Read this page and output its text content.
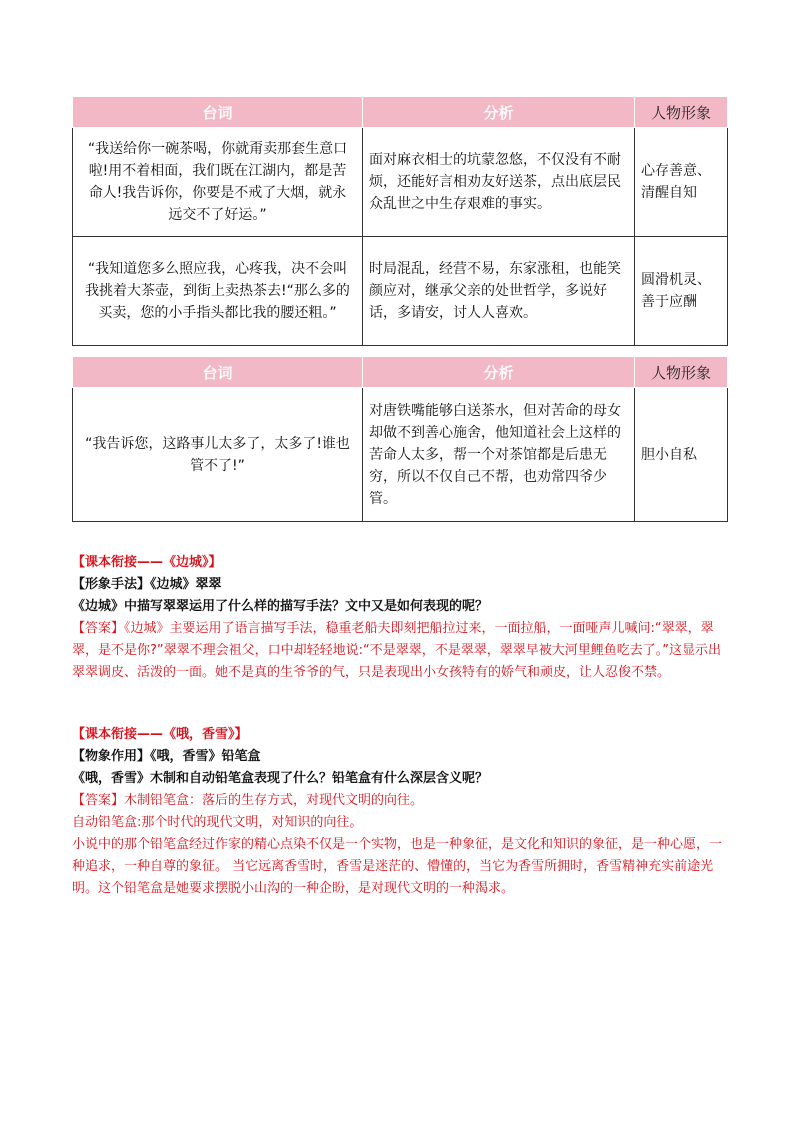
台词	分析	人物形象
“我送给你一碗茶喝，你就甭卖那套生意口啦!用不着相面，我们既在江湖内，都是苦命人!我告诉你，你要是不戒了大烟，就永远交不了好运。”	面对麻衣相士的坑蒙忽悠，不仅没有不耐烦，还能好言相劝友好送茶，点出底层民众乱世之中生存艰难的事实。	心存善意、清醒自知
“我知道您多么照应我，心疼我，决不会叫我挑着大茶壶，到街上卖热茶去!“那么多的买卖，您的小手指头都比我的腰还粗。”	时局混乱，经营不易，东家涨租，也能笑颜应对，继承父亲的处世哲学，多说好话，多请安，讨人人喜欢。	圆滑机灵、善于应酬
台词	分析	人物形象
“我告诉您，这路事儿太多了，太多了!谁也管不了!”	对唐铁嘴能够白送茶水，但对苦命的母女却做不到善心施舍，他知道社会上这样的苦命人太多，帮一个对茶馆都是后患无穷，所以不仅自己不帮，也劝常四爷少管。	胆小自私
【课本衔接——《边城》】
【形象手法】《边城》翠翠
《边城》中描写翠翠运用了什么样的描写手法？文中又是如何表现的呢？
【答案】《边城》主要运用了语言描写手法，稳重老船夫即刻把船拉过来，一面拉船，一面哑声儿喊问:“翠翠，翠翠，是不是你?”翠翠不理会祖父，口中却轻轻地说:“不是翠翠，不是翠翠，翠翠早被大河里鲤鱼吃去了。”这显示出翠翠调皮、活泼的一面。她不是真的生爷爷的气，只是表现出小女孩特有的娇气和顽皮，让人忍俊不禁。
【课本衔接——《哦，香雪》】
【物象作用】《哦，香雪》铅笔盒
《哦，香雪》木制和自动铅笔盒表现了什么？铅笔盒有什么深层含义呢？
【答案】木制铅笔盒：落后的生存方式，对现代文明的向往。
自动铅笔盒:那个时代的现代文明，对知识的向往。
小说中的那个铅笔盒经过作家的精心点染不仅是一个实物，也是一种象征，是文化和知识的象征，是一种心愿，一种追求，一种自尊的象征。 当它远离香雪时，香雪是迷茫的、懵懂的，当它为香雪所拥时，香雪精神充实前途光明。这个铅笔盒是她要求摆脱小山沟的一种企盼，是对现代文明的一种渴求。
